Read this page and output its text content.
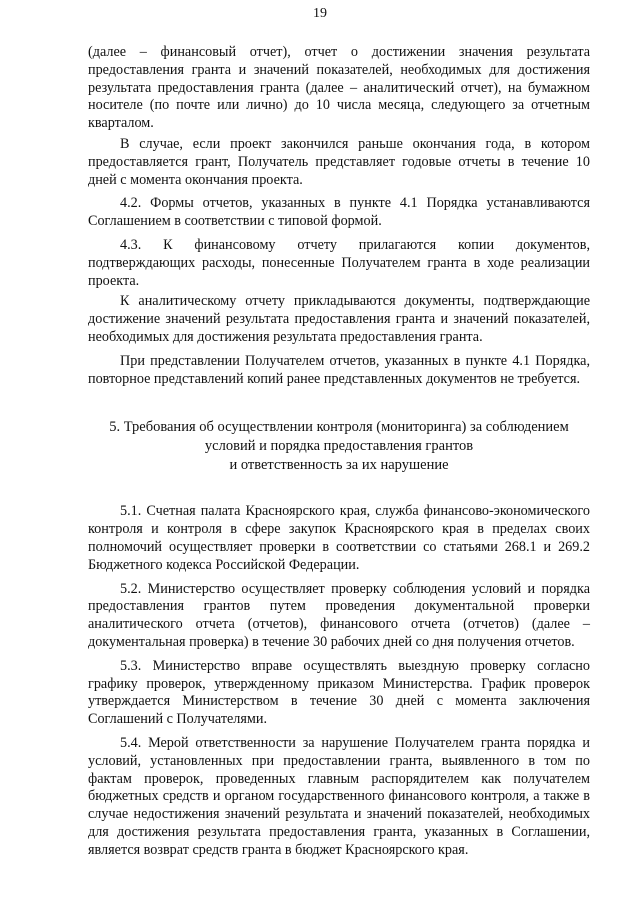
19

(далее – финансовый отчет), отчет о достижении значения результата предоставления гранта и значений показателей, необходимых для достижения результата предоставления гранта (далее – аналитический отчет), на бумажном носителе (по почте или лично) до 10 числа месяца, следующего за отчетным кварталом.

В случае, если проект закончился раньше окончания года, в котором предоставляется грант, Получатель представляет годовые отчеты в течение 10 дней с момента окончания проекта.

4.2. Формы отчетов, указанных в пункте 4.1 Порядка устанавливаются Соглашением в соответствии с типовой формой.

4.3. К финансовому отчету прилагаются копии документов, подтверждающих расходы, понесенные Получателем гранта в ходе реализации проекта.

К аналитическому отчету прикладываются документы, подтверждающие достижение значений результата предоставления гранта и значений показателей, необходимых для достижения результата предоставления гранта.

При представлении Получателем отчетов, указанных в пункте 4.1 Порядка, повторное представлений копий ранее представленных документов не требуется.

5. Требования об осуществлении контроля (мониторинга) за соблюдением
условий и порядка предоставления грантов
и ответственность за их нарушение

5.1. Счетная палата Красноярского края, служба финансово-экономического контроля и контроля в сфере закупок Красноярского края в пределах своих полномочий осуществляет проверки в соответствии со статьями 268.1 и 269.2 Бюджетного кодекса Российской Федерации.

5.2. Министерство осуществляет проверку соблюдения условий и порядка предоставления грантов путем проведения документальной проверки аналитического отчета (отчетов), финансового отчета (отчетов) (далее – документальная проверка) в течение 30 рабочих дней со дня получения отчетов.

5.3. Министерство вправе осуществлять выездную проверку согласно графику проверок, утвержденному приказом Министерства. График проверок утверждается Министерством в течение 30 дней с момента заключения Соглашений с Получателями.

5.4. Мерой ответственности за нарушение Получателем гранта порядка и условий, установленных при предоставлении гранта, выявленного в том по фактам проверок, проведенных главным распорядителем как получателем бюджетных средств и органом государственного финансового контроля, а также в случае недостижения значений результата и значений показателей, необходимых для достижения результата предоставления гранта, указанных в Соглашении, является возврат средств гранта в бюджет Красноярского края.
